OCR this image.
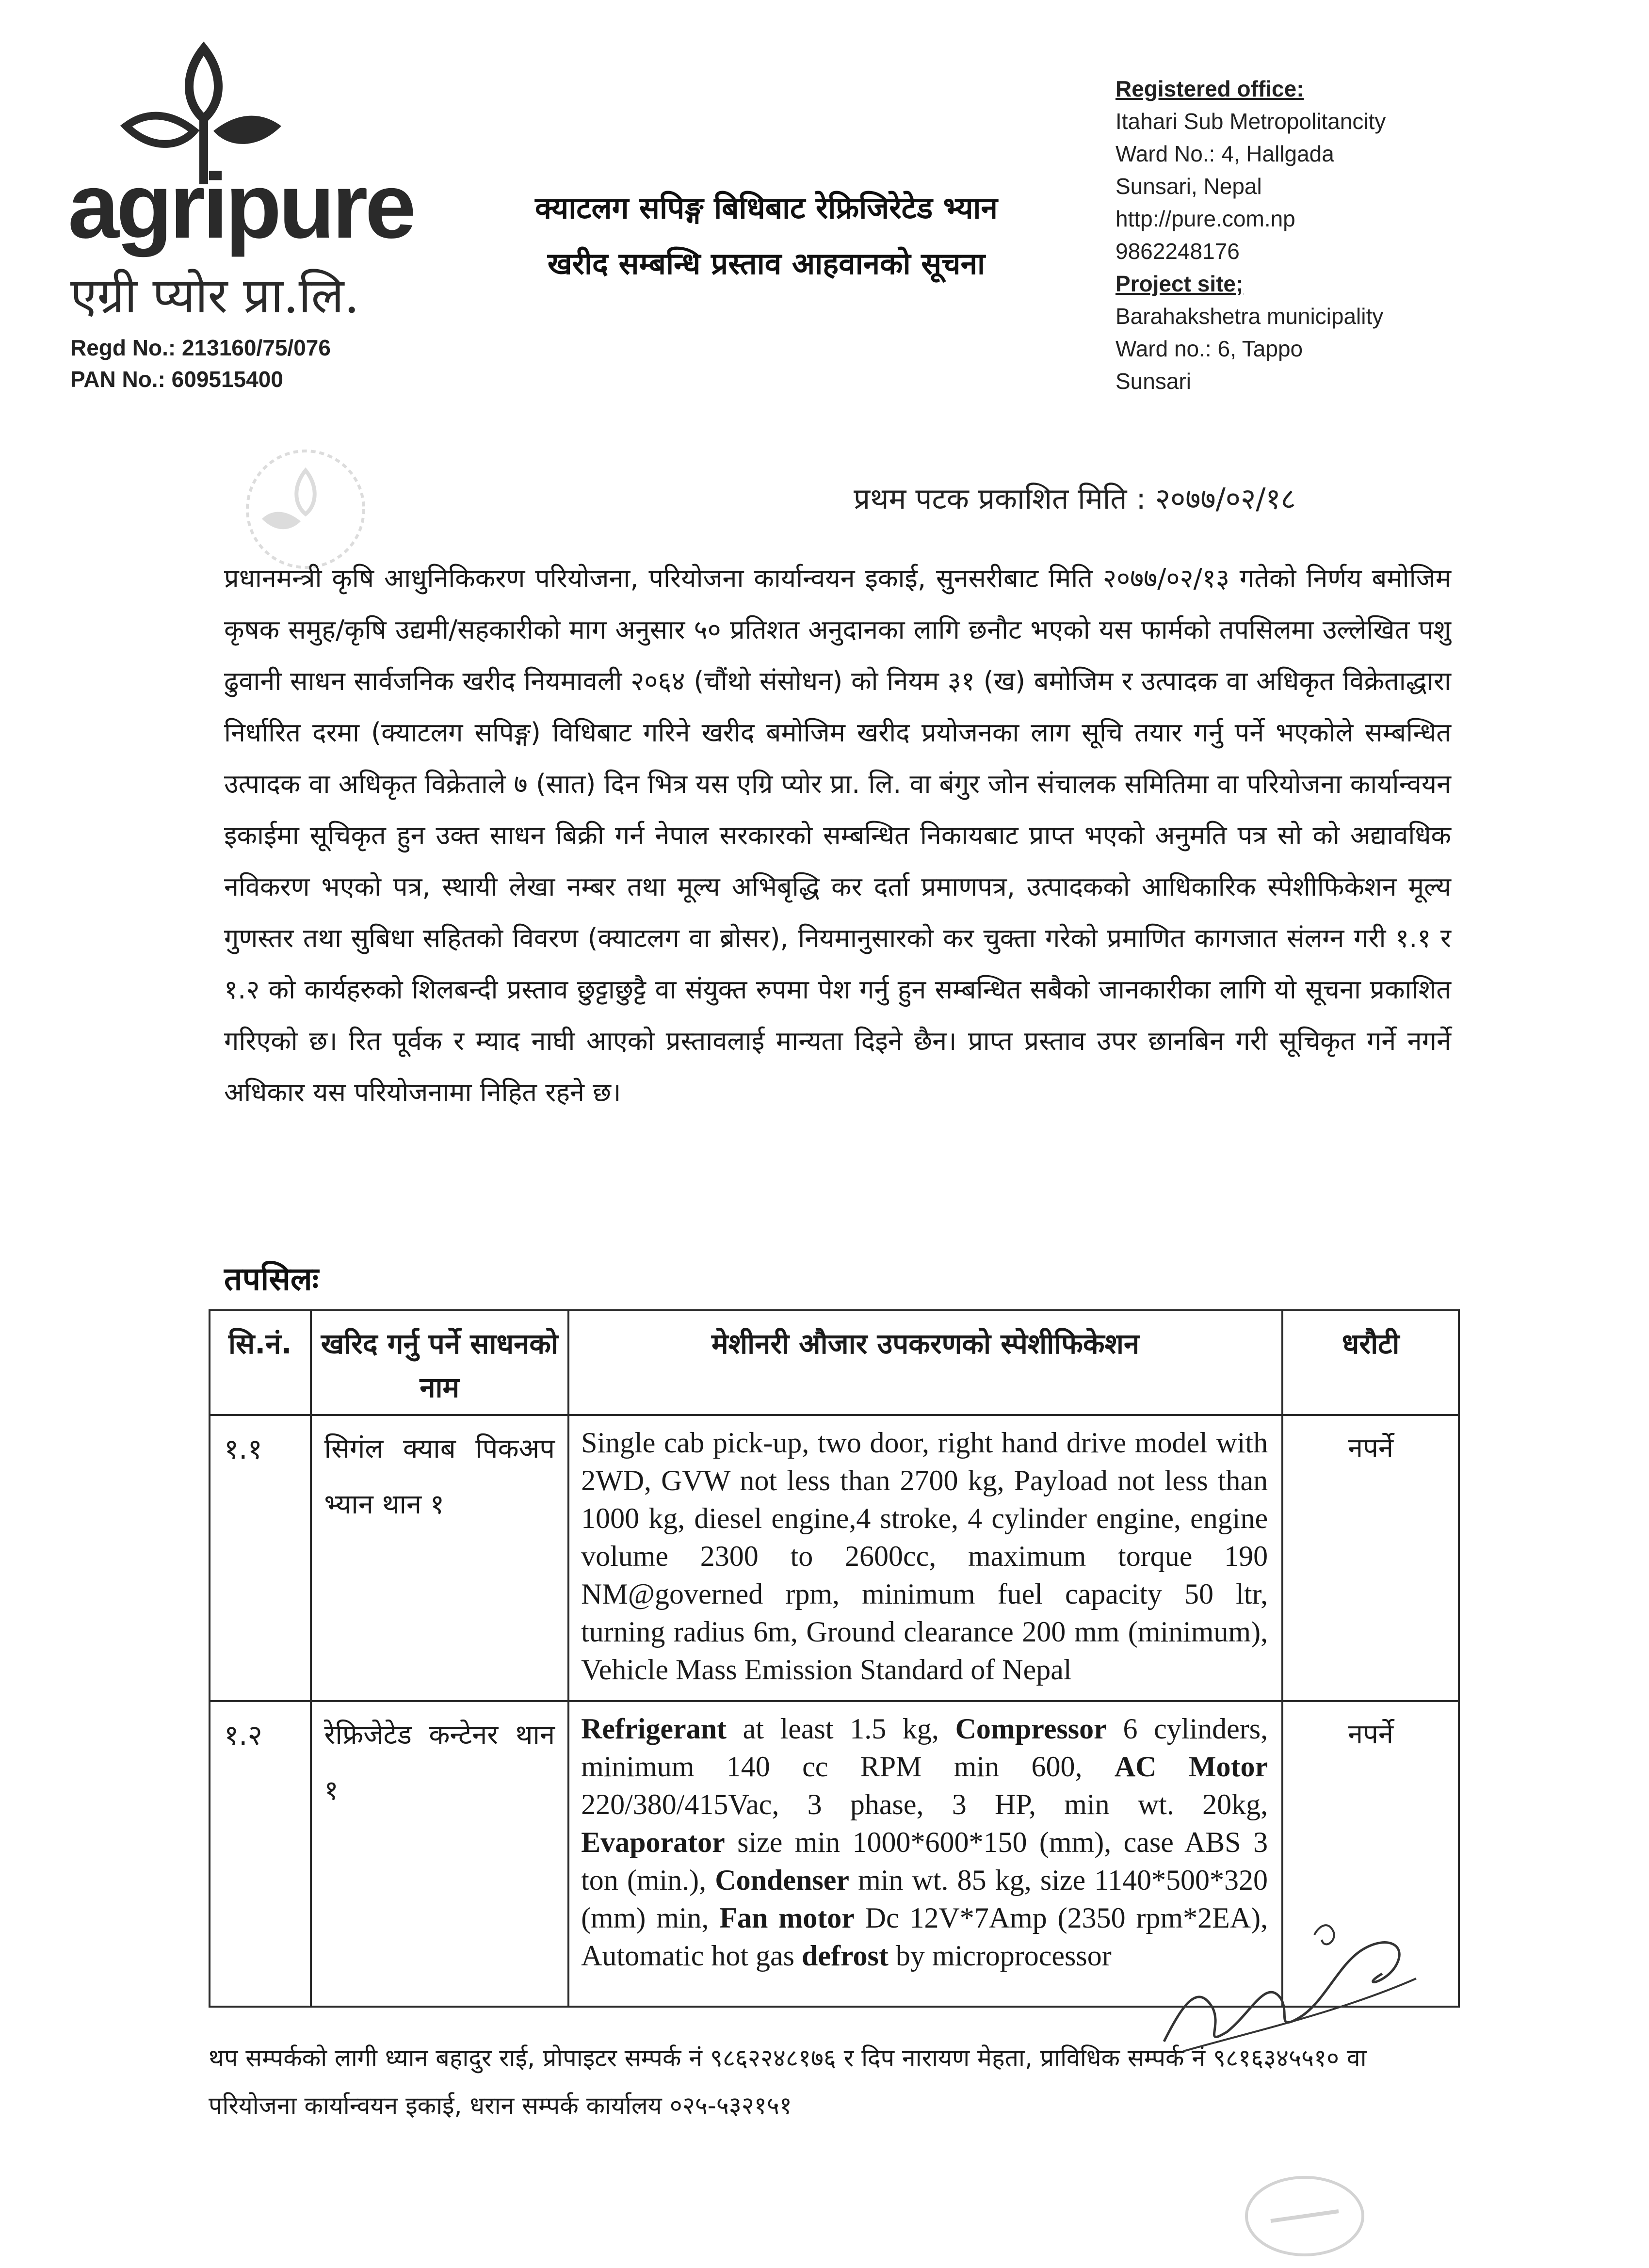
agripure
एग्री प्योर प्रा.लि.
Regd No.: 213160/75/076
PAN No.: 609515400
क्याटलग सपिङ्ग बिधिबाट रेफ्रिजिरेटेड भ्यान
खरीद सम्बन्धि प्रस्ताव आहवानको सूचना
Registered office:
Itahari Sub Metropolitancity
Ward No.: 4, Hallgada
Sunsari, Nepal
http://pure.com.np
9862248176
Project site;
Barahakshetra municipality
Ward no.: 6, Tappo
Sunsari
प्रथम पटक प्रकाशित मिति : २०७७/०२/१८
प्रधानमन्त्री कृषि आधुनिकिकरण परियोजना, परियोजना कार्यान्वयन इकाई, सुनसरीबाट मिति २०७७/०२/१३ गतेको निर्णय बमोजिम कृषक समुह/कृषि उद्यमी/सहकारीको माग अनुसार ५० प्रतिशत अनुदानका लागि छनौट भएको यस फार्मको तपसिलमा उल्लेखित पशु ढुवानी साधन सार्वजनिक खरीद नियमावली २०६४ (चौंथो संसोधन) को नियम ३१ (ख) बमोजिम र उत्पादक वा अधिकृत विक्रेताद्धारा निर्धारित दरमा (क्याटलग सपिङ्ग) विधिबाट गरिने खरीद बमोजिम खरीद प्रयोजनका लाग सूचि तयार गर्नु पर्ने भएकोले सम्बन्धित उत्पादक वा अधिकृत विक्रेताले ७ (सात) दिन भित्र यस एग्रि प्योर प्रा. लि. वा बंगुर जोन संचालक समितिमा वा परियोजना कार्यान्वयन इकाईमा सूचिकृत हुन उक्त साधन बिक्री गर्न नेपाल सरकारको सम्बन्धित निकायबाट प्राप्त भएको अनुमति पत्र सो को अद्यावधिक नविकरण भएको पत्र, स्थायी लेखा नम्बर तथा मूल्य अभिबृद्धि कर दर्ता प्रमाणपत्र, उत्पादकको आधिकारिक स्पेशीफिकेशन मूल्य गुणस्तर तथा सुबिधा सहितको विवरण (क्याटलग वा ब्रोसर), नियमानुसारको कर चुक्ता गरेको प्रमाणित कागजात संलग्न गरी १.१ र १.२ को कार्यहरुको शिलबन्दी प्रस्ताव छुट्टाछुट्टै वा संयुक्त रुपमा पेश गर्नु हुन सम्बन्धित सबैको जानकारीका लागि यो सूचना प्रकाशित गरिएको छ। रित पूर्वक र म्याद नाघी आएको प्रस्तावलाई मान्यता दिइने छैन। प्राप्त प्रस्ताव उपर छानबिन गरी सूचिकृत गर्ने नगर्ने अधिकार यस परियोजनामा निहित रहने छ।
तपसिलः
सि.नं.	खरिद गर्नु पर्ने साधनको नाम	मेशीनरी औजार उपकरणको स्पेशीफिकेशन	धरौटी
१.१	सिगंल क्याब पिकअप भ्यान थान १	Single cab pick-up, two door, right hand drive model with 2WD, GVW not less than 2700 kg, Payload not less than 1000 kg, diesel engine,4 stroke, 4 cylinder engine, engine volume 2300 to 2600cc, maximum torque 190 NM@governed rpm, minimum fuel capacity 50 ltr, turning radius 6m, Ground clearance 200 mm (minimum), Vehicle Mass Emission Standard of Nepal	नपर्ने
१.२	रेफ्रिजेटेड कन्टेनर थान १	Refrigerant at least 1.5 kg, Compressor 6 cylinders, minimum 140 cc RPM min 600, AC Motor 220/380/415Vac, 3 phase, 3 HP, min wt. 20kg, Evaporator size min 1000*600*150 (mm), case ABS 3 ton (min.), Condenser min wt. 85 kg, size 1140*500*320 (mm) min, Fan motor Dc 12V*7Amp (2350 rpm*2EA), Automatic hot gas defrost by microprocessor	नपर्ने
थप सम्पर्कको लागी ध्यान बहादुर राई, प्रोपाइटर सम्पर्क नं ९८६२२४८१७६ र दिप नारायण मेहता, प्राविधिक सम्पर्क नं ९८१६३४५५१० वा परियोजना कार्यान्वयन इकाई, धरान सम्पर्क कार्यालय ०२५-५३२१५१
